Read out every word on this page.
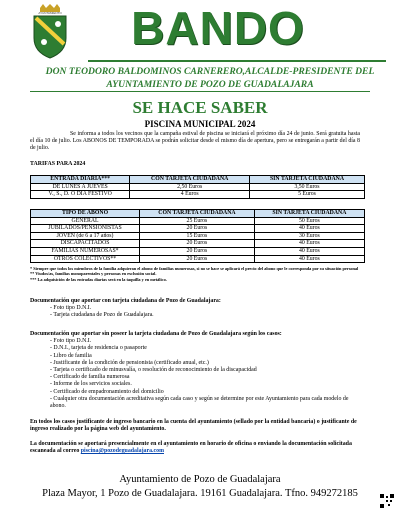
AYUNTAMIENTO BANDO
DON TEODORO BALDOMINOS CARNERERO,ALCALDE-PRESIDENTE DEL
AYUNTAMIENTO DE POZO DE GUADALAJARA
SE HACE SABER
PISCINA MUNICIPAL 2024
Se informa a todos los vecinos que la campaña estival de piscina se iniciará el próximo día 24 de junio. Será gratuita hasta el día 10 de julio. Los ABONOS DE TEMPORADA se podrán solicitar desde el mismo día de apertura, pero se entregarán a partir del día 8 de julio.
TARIFAS PARA 2024
ENTRADA DIARIA***	CON TARJETA CIUDADANA	SIN TARJETA CIUDADANA
DE LUNES A JUEVES	2,50 Euros	3,50 Euros
V., S., D. O DIA FESTIVO	4 Euros	5 Euros
TIPO DE ABONO	CON TARJETA CIUDADANA	SIN TARJETA CIUDADANA
GENERAL	25 Euros	50 Euros
JUBILADOS/PENSIONISTAS	20 Euros	40 Euros
JOVEN (de 6 a 17 años)	15 Euros	30 Euros
DISCAPACITADOS	20 Euros	40 Euros
FAMILIAS NUMEROSAS*	20 Euros	40 Euros
OTROS COLECTIVOS**	20 Euros	40 Euros
* Siempre que todos los miembros de la familia adquieran el abono de familias numerosas, si no se hace se aplicará el precio del abono que le corresponda por su situación personal
** Viudos/as, familias monoparentales y personas en exclusión social.
*** La adquisición de las entradas diarias será en la taquilla y en metálico.
Documentación que aportar con tarjeta ciudadana de Pozo de Guadalajara:
- Foto tipo D.N.I.
- Tarjeta ciudadana de Pozo de Guadalajara.
Documentación que aportar sin poseer la tarjeta ciudadana de Pozo de Guadalajara según los casos:
- Foto tipo D.N.I.
- D.N.I., tarjeta de residencia o pasaporte
- Libro de familia
- Justificante de la condición de pensionista (certificado anual, etc.)
- Tarjeta o certificado de minusvalía, o resolución de reconocimiento de la discapacidad
- Certificado de familia numerosa
- Informe de los servicios sociales.
- Certificado de empadronamiento del domicilio
- Cualquier otra documentación acreditativa según cada caso y según se determine por este Ayuntamiento para cada modelo de abono.
En todos los casos justificante de ingreso bancario en la cuenta del ayuntamiento (sellado por la entidad bancaria) o justificante de ingreso realizado por la página web del ayuntamiento.
La documentación se aportará presencialmente en el ayuntamiento en horario de oficina o enviando la documentación solicitada escaneada al correo piscina@pozodeguadalajara.com
Ayuntamiento de Pozo de Guadalajara
Plaza Mayor, 1 Pozo de Guadalajara. 19161 Guadalajara. Tfno. 949272185
